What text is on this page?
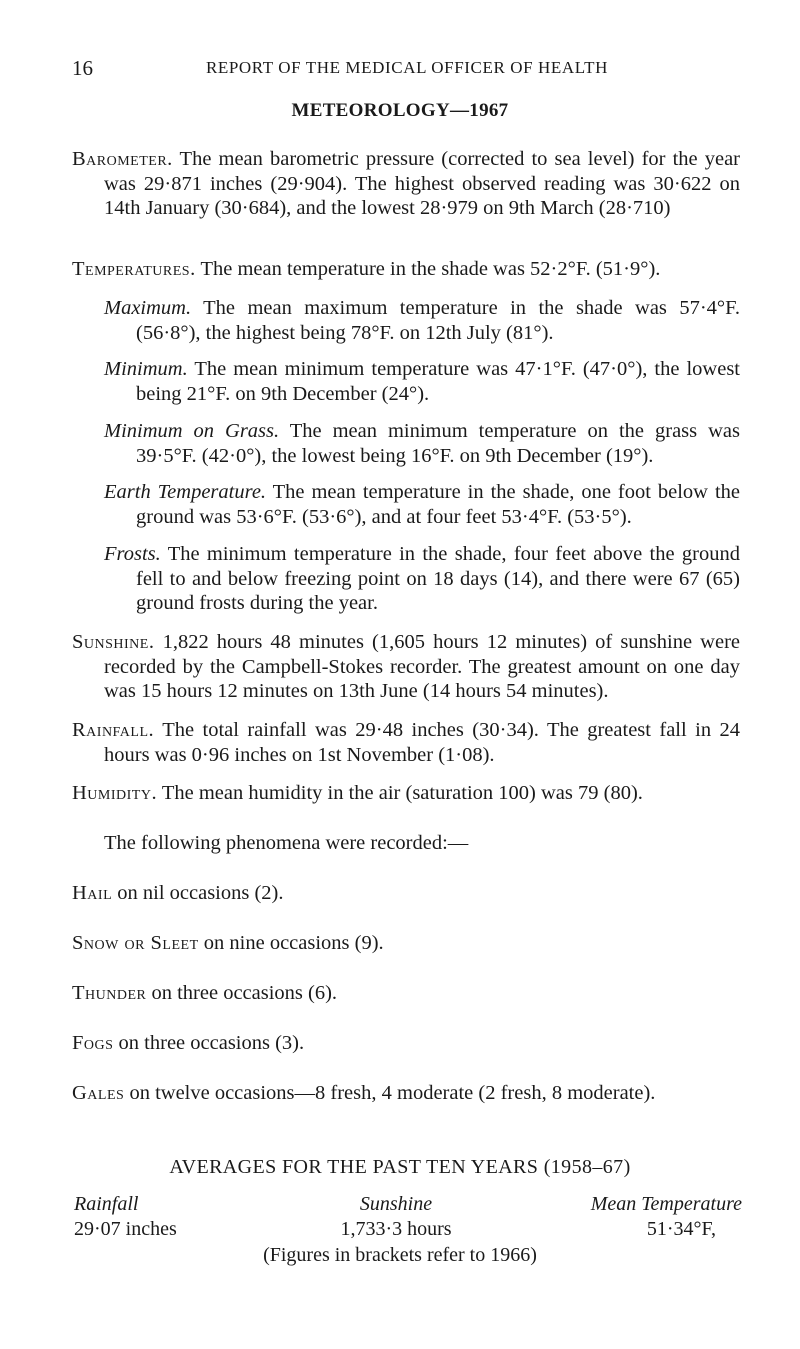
16	REPORT OF THE MEDICAL OFFICER OF HEALTH
METEOROLOGY—1967

Barometer. The mean barometric pressure (corrected to sea level) for the year was 29·871 inches (29·904). The highest observed reading was 30·622 on 14th January (30·684), and the lowest 28·979 on 9th March (28·710)

Temperatures. The mean temperature in the shade was 52·2°F. (51·9°).

Maximum. The mean maximum temperature in the shade was 57·4°F. (56·8°), the highest being 78°F. on 12th July (81°).

Minimum. The mean minimum temperature was 47·1°F. (47·0°), the lowest being 21°F. on 9th December (24°).

Minimum on Grass. The mean minimum temperature on the grass was 39·5°F. (42·0°), the lowest being 16°F. on 9th December (19°).

Earth Temperature. The mean temperature in the shade, one foot below the ground was 53·6°F. (53·6°), and at four feet 53·4°F. (53·5°).

Frosts. The minimum temperature in the shade, four feet above the ground fell to and below freezing point on 18 days (14), and there were 67 (65) ground frosts during the year.

Sunshine. 1,822 hours 48 minutes (1,605 hours 12 minutes) of sunshine were recorded by the Campbell-Stokes recorder. The greatest amount on one day was 15 hours 12 minutes on 13th June (14 hours 54 minutes).

Rainfall. The total rainfall was 29·48 inches (30·34). The greatest fall in 24 hours was 0·96 inches on 1st November (1·08).

Humidity. The mean humidity in the air (saturation 100) was 79 (80).

The following phenomena were recorded:—

Hail on nil occasions (2).

Snow or Sleet on nine occasions (9).

Thunder on three occasions (6).

Fogs on three occasions (3).

Gales on twelve occasions—8 fresh, 4 moderate (2 fresh, 8 moderate).

AVERAGES FOR THE PAST TEN YEARS (1958–67)
Rainfall
29·07 inches
Sunshine
1,733·3 hours
Mean Temperature
51·34°F,
(Figures in brackets refer to 1966)
